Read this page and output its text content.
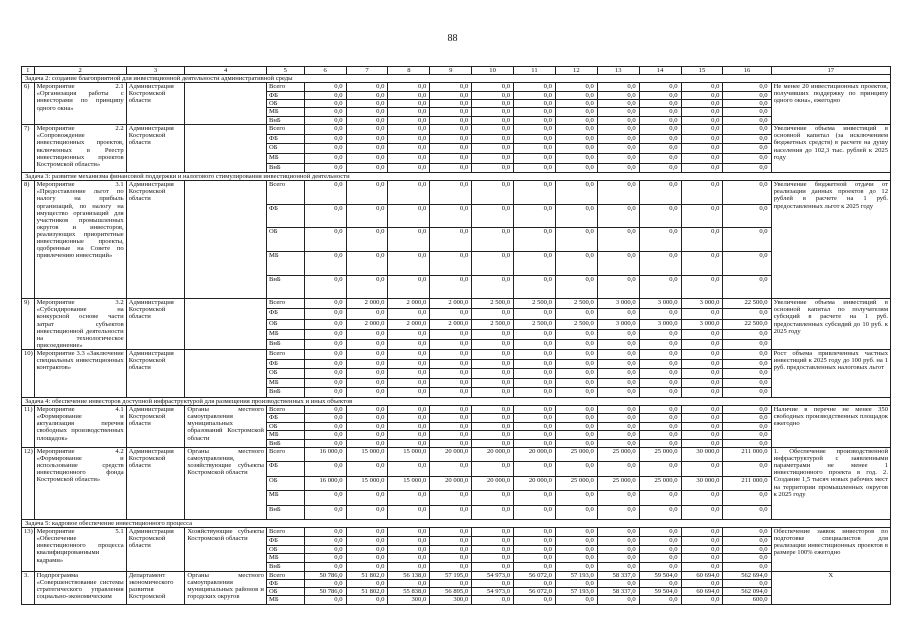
88
1	2	3	4	5	6	7	8	9	10	11	12	13	14	15	16	17
Задача 2: создание благоприятной для инвестиционной деятельности административной среды																
6)	Мероприятие 2.1 «Организация работы с инвесторами по принципу одного окна»	Администрация Костромской области		Всего	0,0	0,0	0,0	0,0	0,0	0,0	0,0	0,0	0,0	0,0	0,0	Не менее 20 инвестиционных проектов, получивших поддержку по принципу одного окна», ежегодно
				ФБ	0,0	0,0	0,0	0,0	0,0	0,0	0,0	0,0	0,0	0,0	0,0	
				ОБ	0,0	0,0	0,0	0,0	0,0	0,0	0,0	0,0	0,0	0,0	0,0	
				МБ	0,0	0,0	0,0	0,0	0,0	0,0	0,0	0,0	0,0	0,0	0,0	
				ВнБ	0,0	0,0	0,0	0,0	0,0	0,0	0,0	0,0	0,0	0,0	0,0	
7)	Мероприятие 2.2 «Сопровождение инвестиционных проектов, включенных в Реестр инвестиционных проектов Костромской области»	Администрация Костромской области		Всего	0,0	0,0	0,0	0,0	0,0	0,0	0,0	0,0	0,0	0,0	0,0	Увеличение объема инвестиций в основной капитал (за исключением бюджетных средств) в расчете на душу населения до 102,3 тыс. рублей к 2025 году
				ФБ	0,0	0,0	0,0	0,0	0,0	0,0	0,0	0,0	0,0	0,0	0,0	
				ОБ	0,0	0,0	0,0	0,0	0,0	0,0	0,0	0,0	0,0	0,0	0,0	
				МБ	0,0	0,0	0,0	0,0	0,0	0,0	0,0	0,0	0,0	0,0	0,0	
				ВнБ	0,0	0,0	0,0	0,0	0,0	0,0	0,0	0,0	0,0	0,0	0,0	
Задача 3: развитие механизма финансовой поддержки и налогового стимулирования инвестиционной деятельности																
8)	Мероприятие 3.1 «Предоставление льгот по налогу на прибыль организаций, по налогу на имущество организаций для участников промышленных округов и инвесторов, реализующих приоритетные инвестиционные проекты, одобренные на Совете по привлечению инвестиций»	Администрация Костромской области		Всего	0,0	0,0	0,0	0,0	0,0	0,0	0,0	0,0	0,0	0,0	0,0	Увеличение бюджетной отдачи от реализации данных проектов до 12 рублей в расчете на 1 руб. предоставленных льгот к 2025 году
				ФБ	0,0	0,0	0,0	0,0	0,0	0,0	0,0	0,0	0,0	0,0	0,0	
				ОБ	0,0	0,0	0,0	0,0	0,0	0,0	0,0	0,0	0,0	0,0	0,0	
				МБ	0,0	0,0	0,0	0,0	0,0	0,0	0,0	0,0	0,0	0,0	0,0	
				ВнБ	0,0	0,0	0,0	0,0	0,0	0,0	0,0	0,0	0,0	0,0	0,0	
9)	Мероприятие 3.2 «Субсидирование на конкурсной основе части затрат субъектов инвестиционной деятельности на технологическое присоединение»	Администрация Костромской области		Всего	0,0	2 000,0	2 000,0	2 000,0	2 500,0	2 500,0	2 500,0	3 000,0	3 000,0	3 000,0	22 500,0	Увеличение объема инвестиций в основной капитал по получателям субсидий в расчете на 1 руб. предоставленных субсидий до 10 руб. к 2025 году
				ФБ	0,0	0,0	0,0	0,0	0,0	0,0	0,0	0,0	0,0	0,0	0,0	
				ОБ	0,0	2 000,0	2 000,0	2 000,0	2 500,0	2 500,0	2 500,0	3 000,0	3 000,0	3 000,0	22 500,0	
				МБ	0,0	0,0	0,0	0,0	0,0	0,0	0,0	0,0	0,0	0,0	0,0	
				ВнБ	0,0	0,0	0,0	0,0	0,0	0,0	0,0	0,0	0,0	0,0	0,0	
10)	Мероприятие 3.3 «Заключение специальных инвестиционных контрактов»	Администрация Костромской области		Всего	0,0	0,0	0,0	0,0	0,0	0,0	0,0	0,0	0,0	0,0	0,0	Рост объема привлеченных частных инвестиций к 2025 году до 100 руб. на 1 руб. предоставленных налоговых льгот
				ФБ	0,0	0,0	0,0	0,0	0,0	0,0	0,0	0,0	0,0	0,0	0,0	
				ОБ	0,0	0,0	0,0	0,0	0,0	0,0	0,0	0,0	0,0	0,0	0,0	
				МБ	0,0	0,0	0,0	0,0	0,0	0,0	0,0	0,0	0,0	0,0	0,0	
				ВнБ	0,0	0,0	0,0	0,0	0,0	0,0	0,0	0,0	0,0	0,0	0,0	
Задача 4: обеспечение инвесторов доступной инфраструктурой для размещения производственных и иных объектов																
11)	Мероприятие 4.1 «Формирование и актуализация перечня свободных производственных площадок»	Администрация Костромской области	Органы местного самоуправления муниципальных образований Костромской области	Всего	0,0	0,0	0,0	0,0	0,0	0,0	0,0	0,0	0,0	0,0	0,0	Наличие в перечне не менее 350 свободных производственных площадок ежегодно
				ФБ	0,0	0,0	0,0	0,0	0,0	0,0	0,0	0,0	0,0	0,0	0,0	
				ОБ	0,0	0,0	0,0	0,0	0,0	0,0	0,0	0,0	0,0	0,0	0,0	
				МБ	0,0	0,0	0,0	0,0	0,0	0,0	0,0	0,0	0,0	0,0	0,0	
				ВнБ	0,0	0,0	0,0	0,0	0,0	0,0	0,0	0,0	0,0	0,0	0,0	
12)	Мероприятие 4.2 «Формирование и использование средств инвестиционного фонда Костромской области»	Администрация Костромской области	Органы местного самоуправления, хозяйствующие субъекты Костромской области	Всего	16 000,0	15 000,0	15 000,0	20 000,0	20 000,0	20 000,0	25 000,0	25 000,0	25 000,0	30 000,0	211 000,0	1. Обеспечение производственной инфраструктурой с заявленными параметрами не менее 1 инвестиционного проекта в год. 2. Создание 1,5 тысяч новых рабочих мест на территории промышленных округов к 2025 году
				ФБ	0,0	0,0	0,0	0,0	0,0	0,0	0,0	0,0	0,0	0,0	0,0	
				ОБ	16 000,0	15 000,0	15 000,0	20 000,0	20 000,0	20 000,0	25 000,0	25 000,0	25 000,0	30 000,0	211 000,0	
				МБ	0,0	0,0	0,0	0,0	0,0	0,0	0,0	0,0	0,0	0,0	0,0	
				ВнБ	0,0	0,0	0,0	0,0	0,0	0,0	0,0	0,0	0,0	0,0	0,0	
Задача 5: кадровое обеспечение инвестиционного процесса																
13)	Мероприятие 5.1 «Обеспечение инвестиционного процесса квалифицированными кадрами»	Администрация Костромской области	Хозяйствующие субъекты Костромской области	Всего	0,0	0,0	0,0	0,0	0,0	0,0	0,0	0,0	0,0	0,0	0,0	Обеспечение заявок инвесторов по подготовке специалистов для реализации инвестиционных проектов в размере 100% ежегодно
				ФБ	0,0	0,0	0,0	0,0	0,0	0,0	0,0	0,0	0,0	0,0	0,0	
				ОБ	0,0	0,0	0,0	0,0	0,0	0,0	0,0	0,0	0,0	0,0	0,0	
				МБ	0,0	0,0	0,0	0,0	0,0	0,0	0,0	0,0	0,0	0,0	0,0	
				ВнБ	0,0	0,0	0,0	0,0	0,0	0,0	0,0	0,0	0,0	0,0	0,0	
3.	Подпрограмма «Совершенствование системы стратегического управления социально-экономическим	Департамент экономического развития Костромской	Органы местного самоуправления муниципальных районов и городских округов	Всего	50 786,0	51 802,0	56 138,0	57 195,0	54 973,0	56 072,0	57 193,0	58 337,0	59 504,0	60 694,0	562 694,0	X
				ФБ	0,0	0,0	0,0	0,0	0,0	0,0	0,0	0,0	0,0	0,0	0,0	
				ОБ	50 786,0	51 802,0	55 838,0	56 895,0	54 973,0	56 072,0	57 193,0	58 337,0	59 504,0	60 694,0	562 094,0	
				МБ	0,0	0,0	300,0	300,0	0,0	0,0	0,0	0,0	0,0	0,0	600,0	
